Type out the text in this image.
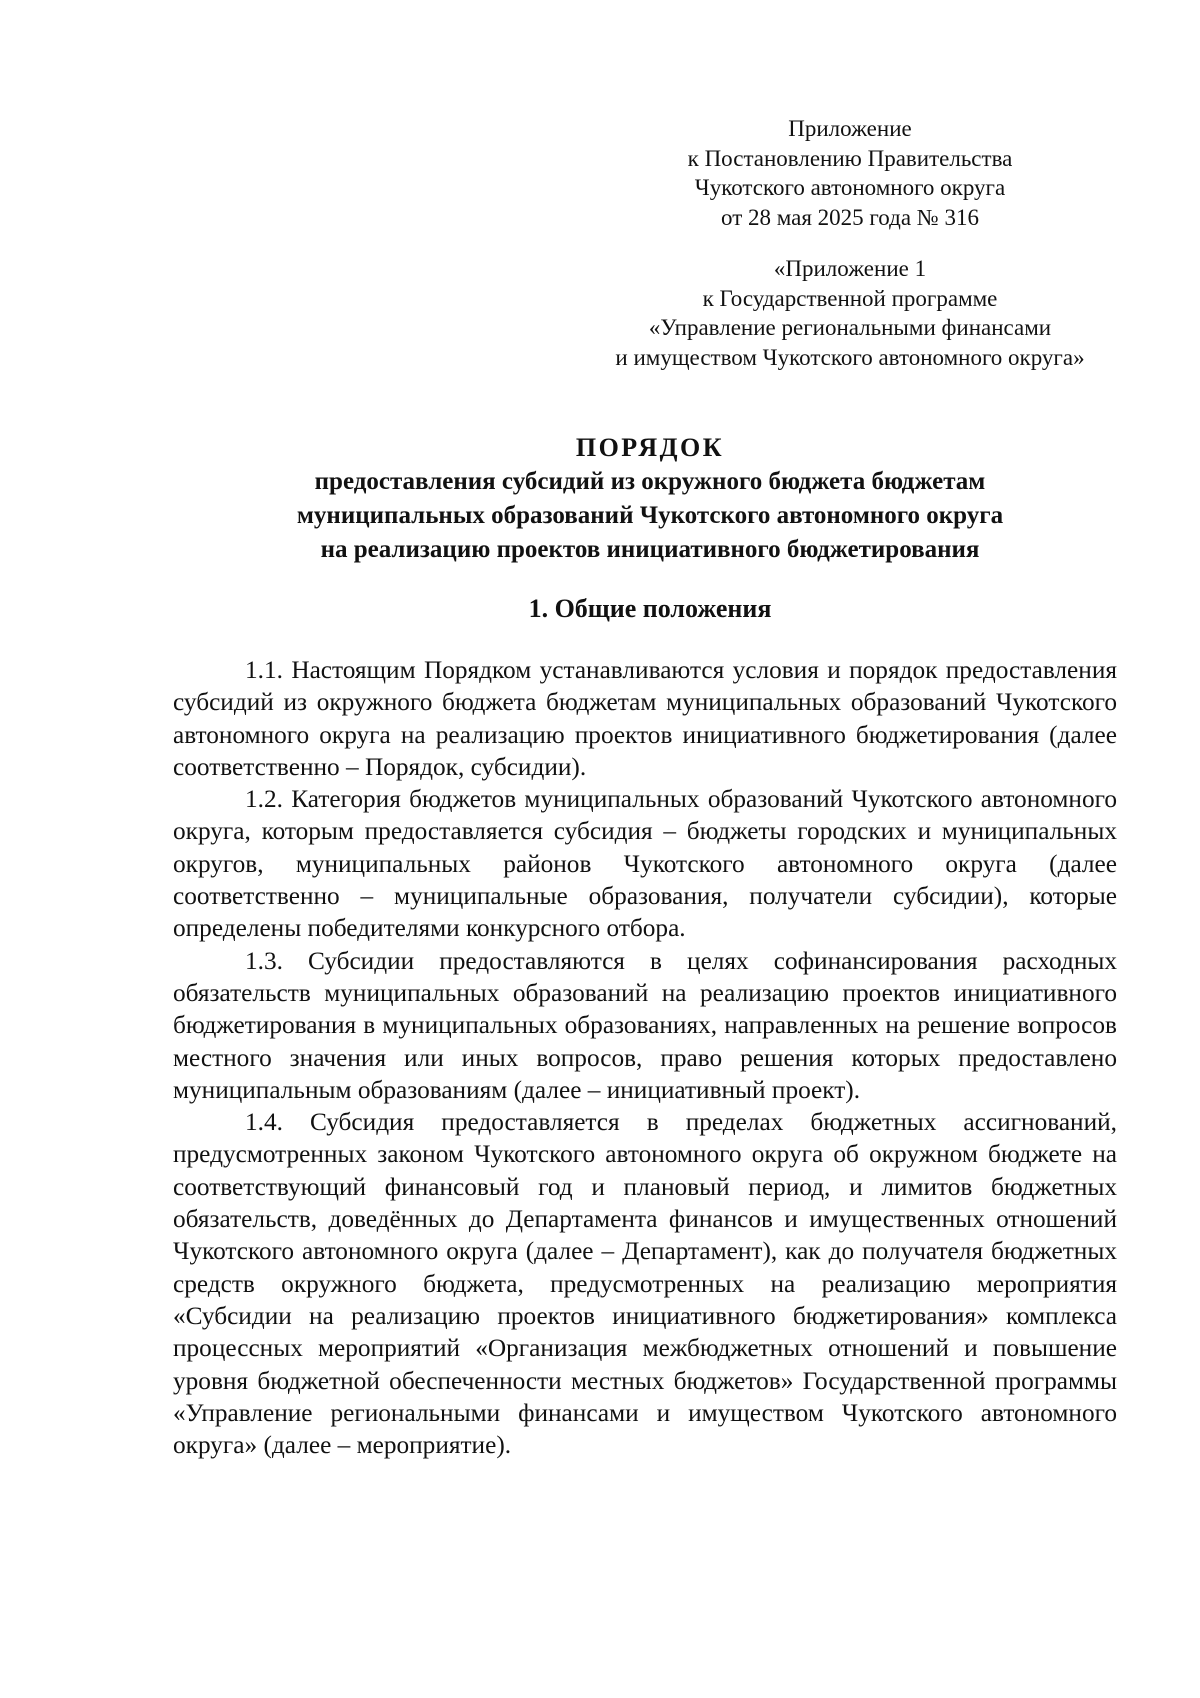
Приложение
к Постановлению Правительства
Чукотского автономного округа
от 28 мая 2025 года № 316
«Приложение 1
к Государственной программе
«Управление региональными финансами
и имуществом Чукотского автономного округа»
ПОРЯДОК
предоставления субсидий из окружного бюджета бюджетам
муниципальных образований Чукотского автономного округа
на реализацию проектов инициативного бюджетирования
1. Общие положения

1.1. Настоящим Порядком устанавливаются условия и порядок предоставления субсидий из окружного бюджета бюджетам муниципальных образований Чукотского автономного округа на реализацию проектов инициативного бюджетирования (далее соответственно – Порядок, субсидии).

1.2. Категория бюджетов муниципальных образований Чукотского автономного округа, которым предоставляется субсидия – бюджеты городских и муниципальных округов, муниципальных районов Чукотского автономного округа (далее соответственно – муниципальные образования, получатели субсидии), которые определены победителями конкурсного отбора.

1.3. Субсидии предоставляются в целях софинансирования расходных обязательств муниципальных образований на реализацию проектов инициативного бюджетирования в муниципальных образованиях, направленных на решение вопросов местного значения или иных вопросов, право решения которых предоставлено муниципальным образованиям (далее – инициативный проект).

1.4. Субсидия предоставляется в пределах бюджетных ассигнований, предусмотренных законом Чукотского автономного округа об окружном бюджете на соответствующий финансовый год и плановый период, и лимитов бюджетных обязательств, доведённых до Департамента финансов и имущественных отношений Чукотского автономного округа (далее – Департамент), как до получателя бюджетных средств окружного бюджета, предусмотренных на реализацию мероприятия «Субсидии на реализацию проектов инициативного бюджетирования» комплекса процессных мероприятий «Организация межбюджетных отношений и повышение уровня бюджетной обеспеченности местных бюджетов» Государственной программы «Управление региональными финансами и имуществом Чукотского автономного округа» (далее – мероприятие).
